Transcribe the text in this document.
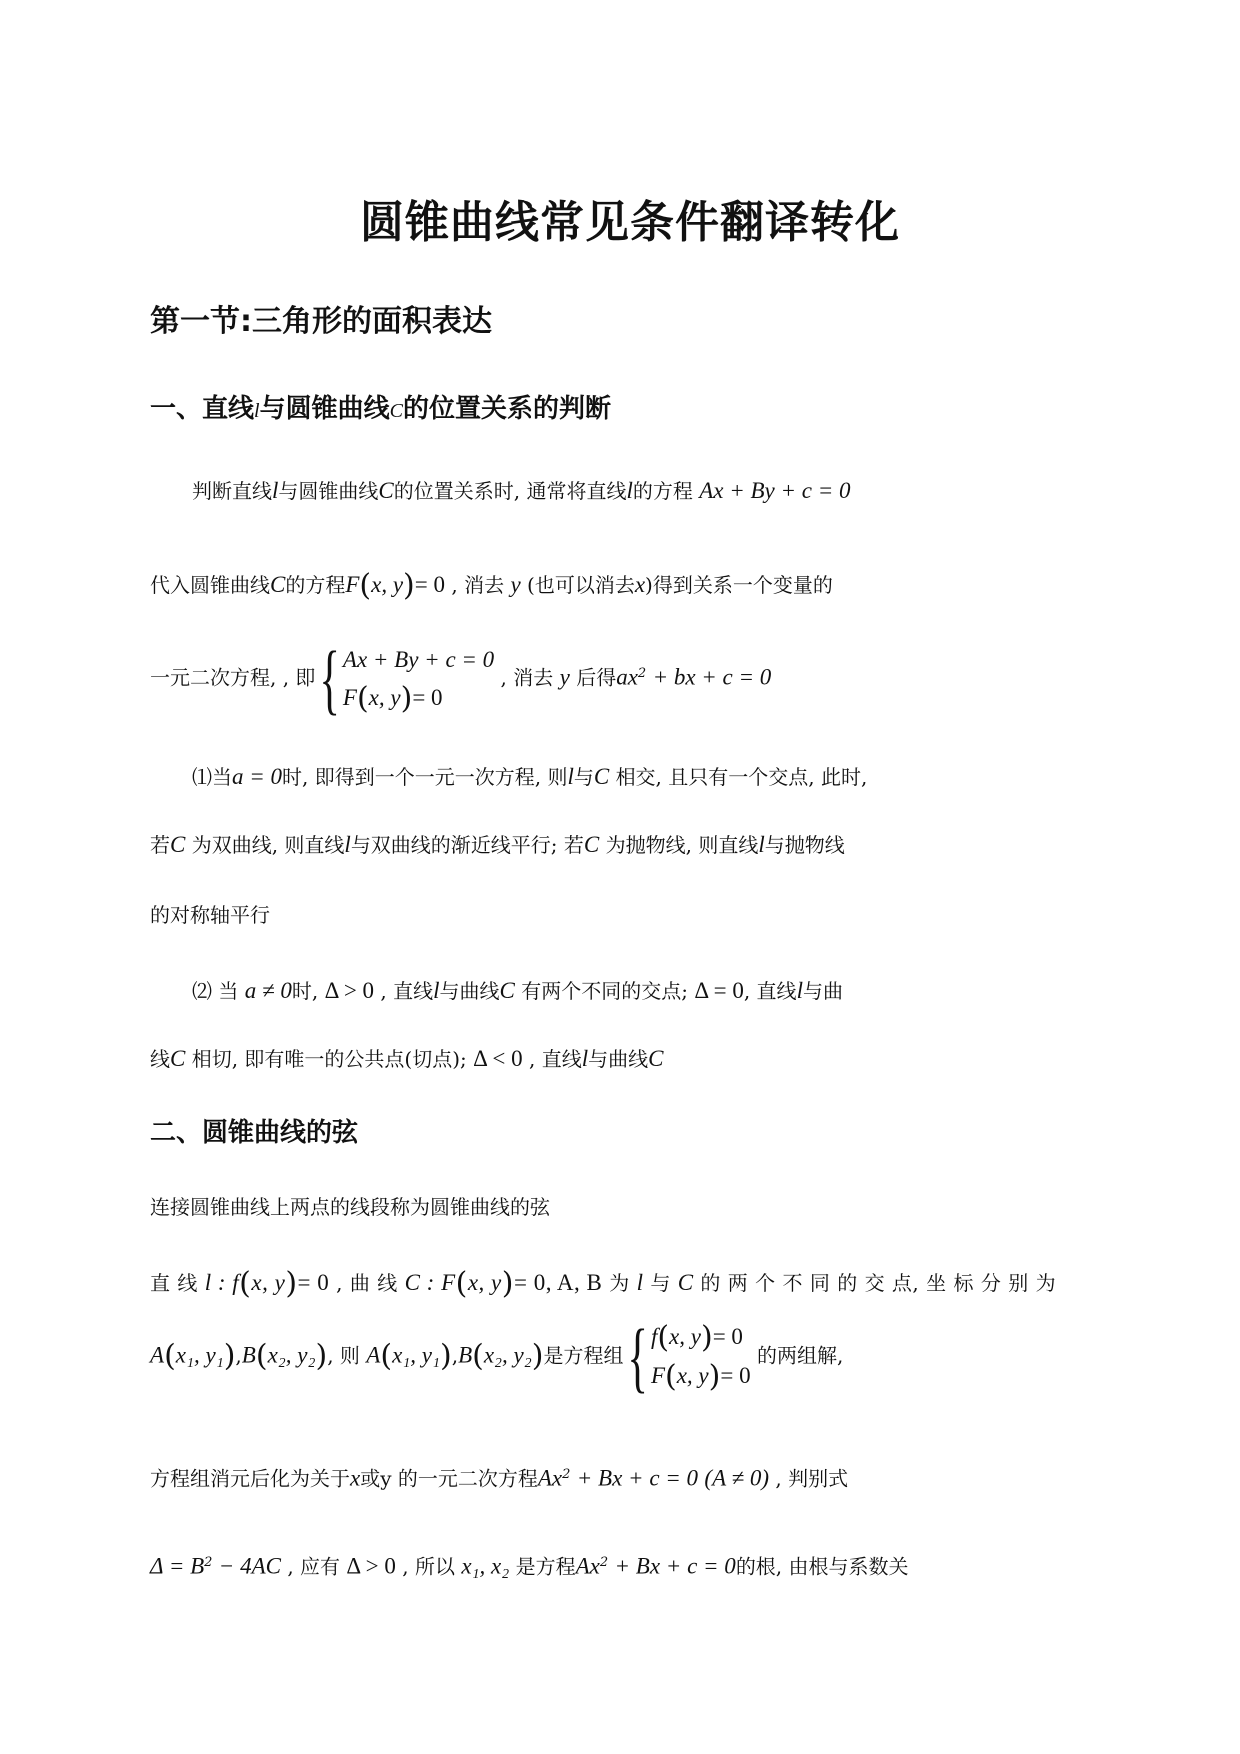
圆锥曲线常见条件翻译转化
第一节:三角形的面积表达
一、直线l与圆锥曲线C的位置关系的判断
判断直线l与圆锥曲线C的位置关系时, 通常将直线l的方程 Ax + By + c = 0
代入圆锥曲线C的方程F(x, y)= 0 , 消去 y (也可以消去x)得到关系一个变量的
一元二次方程, , 即 { Ax + By + c = 0
F(x, y)= 0
, 消去 y 后得$ax^2$ + bx + c = 0
⑴当a = 0时, 即得到一个一元一次方程, 则l与C 相交, 且只有一个交点, 此时,
若C 为双曲线, 则直线l与双曲线的渐近线平行; 若C 为抛物线, 则直线l与抛物线
的对称轴平行
⑵ 当 a ≠ 0时, Δ > 0 , 直线l与曲线C 有两个不同的交点; Δ = 0, 直线l与曲
线C 相切, 即有唯一的公共点(切点); Δ < 0 , 直线l与曲线C
二、圆锥曲线的弦
连接圆锥曲线上两点的线段称为圆锥曲线的弦
直 线 l : f(x, y)= 0 , 曲 线 C : F(x, y)= 0, A, B 为 l 与 C 的 两 个 不 同 的 交 点, 坐 标 分 别 为
A(x₁, y₁),B(x₂, y₂), 则 A(x₁, y₁),B(x₂, y₂)是方程组 { f(x, y)= 0
F(x, y)= 0
的两组解,
方程组消元后化为关于x或y 的一元二次方程$Ax^2 + Bx + c = 0$ (A ≠ 0) , 判别式
$\Delta = B^2 - 4AC$ , 应有 Δ > 0 , 所以 x₁, x₂ 是方程$Ax^2 + Bx + c = 0$的根, 由根与系数关
